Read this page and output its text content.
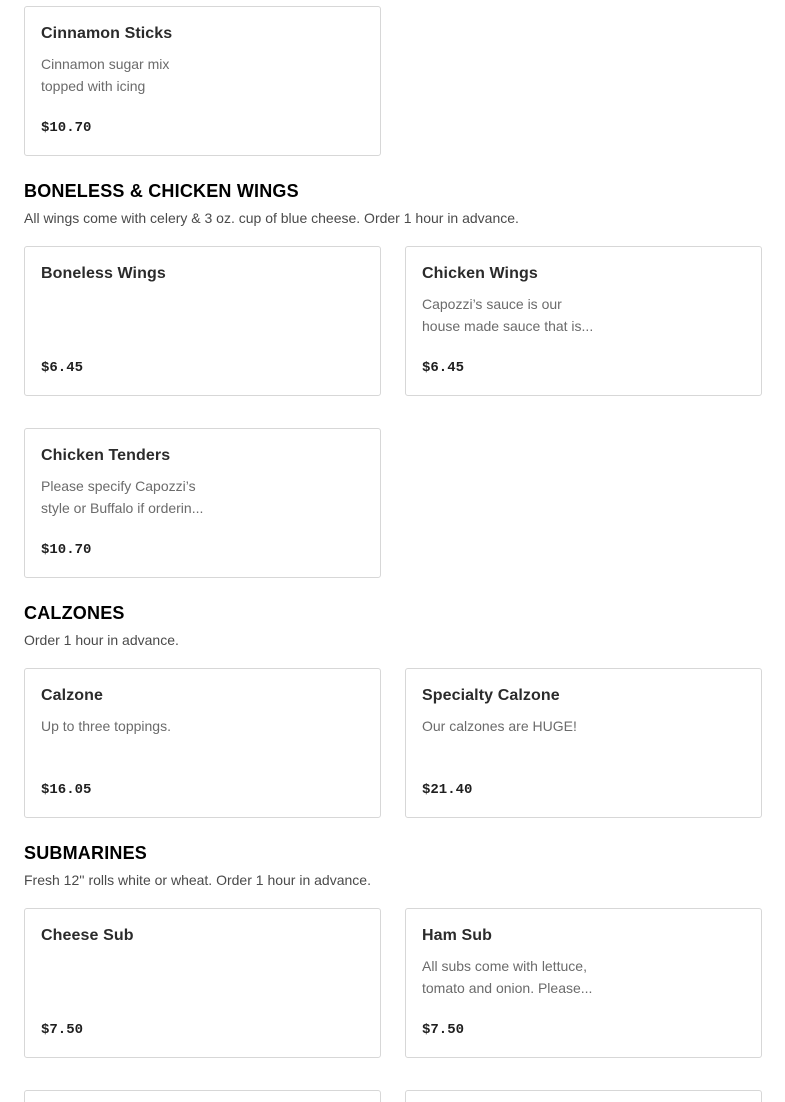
Cinnamon Sticks
Cinnamon sugar mix
topped with icing
$10.70
BONELESS & CHICKEN WINGS
All wings come with celery & 3 oz. cup of blue cheese. Order 1 hour in advance.
Boneless Wings
$6.45
Chicken Wings
Capozzi’s sauce is our
house made sauce that is...
$6.45
Chicken Tenders
Please specify Capozzi’s
style or Buffalo if orderin...
$10.70
CALZONES
Order 1 hour in advance.
Calzone
Up to three toppings.
$16.05
Specialty Calzone
Our calzones are HUGE!
$21.40
SUBMARINES
Fresh 12'' rolls white or wheat. Order 1 hour in advance.
Cheese Sub
$7.50
Ham Sub
All subs come with lettuce,
tomato and onion. Please...
$7.50
